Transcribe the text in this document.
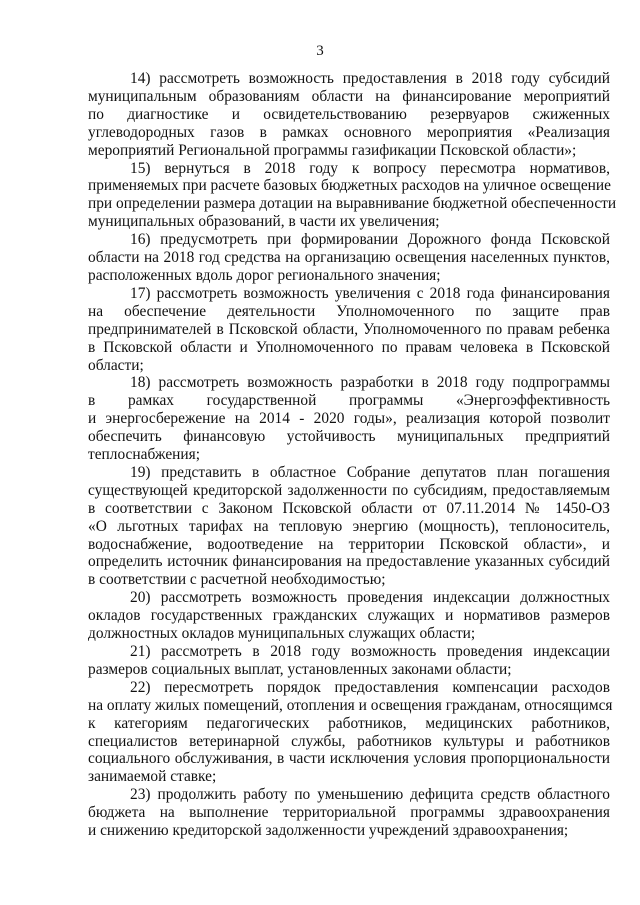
3

14) рассмотреть возможность предоставления в 2018 году субсидий
муниципальным образованиям области на финансирование мероприятий
по диагностике и освидетельствованию резервуаров сжиженных
углеводородных газов в рамках основного мероприятия «Реализация
мероприятий Региональной программы газификации Псковской области»;

15) вернуться в 2018 году к вопросу пересмотра нормативов,
применяемых при расчете базовых бюджетных расходов на уличное освещение
при определении размера дотации на выравнивание бюджетной обеспеченности
муниципальных образований, в части их увеличения;

16) предусмотреть при формировании Дорожного фонда Псковской
области на 2018 год средства на организацию освещения населенных пунктов,
расположенных вдоль дорог регионального значения;

17) рассмотреть возможность увеличения с 2018 года финансирования
на обеспечение деятельности Уполномоченного по защите прав
предпринимателей в Псковской области, Уполномоченного по правам ребенка
в Псковской области и Уполномоченного по правам человека в Псковской
области;

18) рассмотреть возможность разработки в 2018 году подпрограммы
в рамках государственной программы «Энергоэффективность
и энергосбережение на 2014 - 2020 годы», реализация которой позволит
обеспечить финансовую устойчивость муниципальных предприятий
теплоснабжения;

19) представить в областное Собрание депутатов план погашения
существующей кредиторской задолженности по субсидиям, предоставляемым
в соответствии с Законом Псковской области от 07.11.2014 № 1450-ОЗ
«О льготных тарифах на тепловую энергию (мощность), теплоноситель,
водоснабжение, водоотведение на территории Псковской области», и
определить источник финансирования на предоставление указанных субсидий
в соответствии с расчетной необходимостью;

20) рассмотреть возможность проведения индексации должностных
окладов государственных гражданских служащих и нормативов размеров
должностных окладов муниципальных служащих области;

21) рассмотреть в 2018 году возможность проведения индексации
размеров социальных выплат, установленных законами области;

22) пересмотреть порядок предоставления компенсации расходов
на оплату жилых помещений, отопления и освещения гражданам, относящимся
к категориям педагогических работников, медицинских работников,
специалистов ветеринарной службы, работников культуры и работников
социального обслуживания, в части исключения условия пропорциональности
занимаемой ставке;

23) продолжить работу по уменьшению дефицита средств областного
бюджета на выполнение территориальной программы здравоохранения
и снижению кредиторской задолженности учреждений здравоохранения;
